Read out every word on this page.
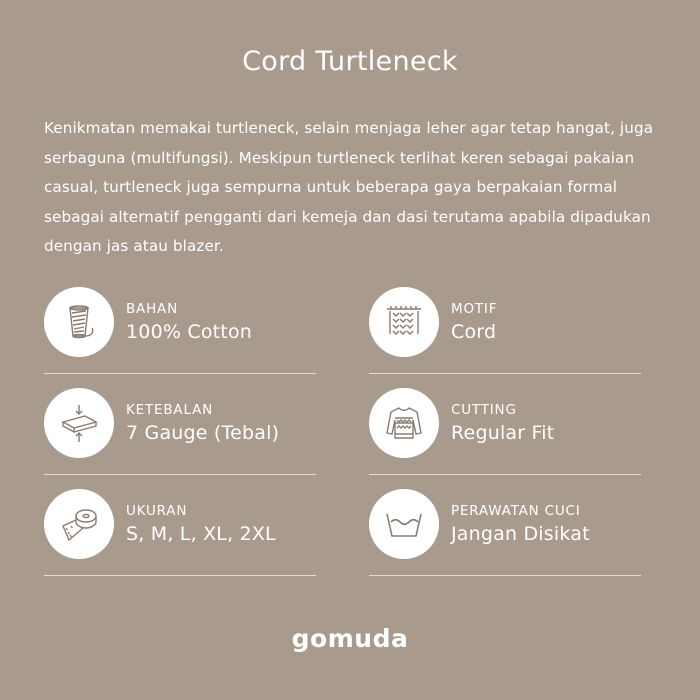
Cord Turtleneck
Kenikmatan memakai turtleneck, selain menjaga leher agar tetap hangat, juga serbaguna (multifungsi). Meskipun turtleneck terlihat keren sebagai pakaian casual, turtleneck juga sempurna untuk beberapa gaya berpakaian formal sebagai alternatif pengganti dari kemeja dan dasi terutama apabila dipadukan dengan jas atau blazer.
BAHAN
100% Cotton
MOTIF
Cord
KETEBALAN
7 Gauge (Tebal)
CUTTING
Regular Fit
UKURAN
S, M, L, XL, 2XL
PERAWATAN CUCI
Jangan Disikat
gomuda
